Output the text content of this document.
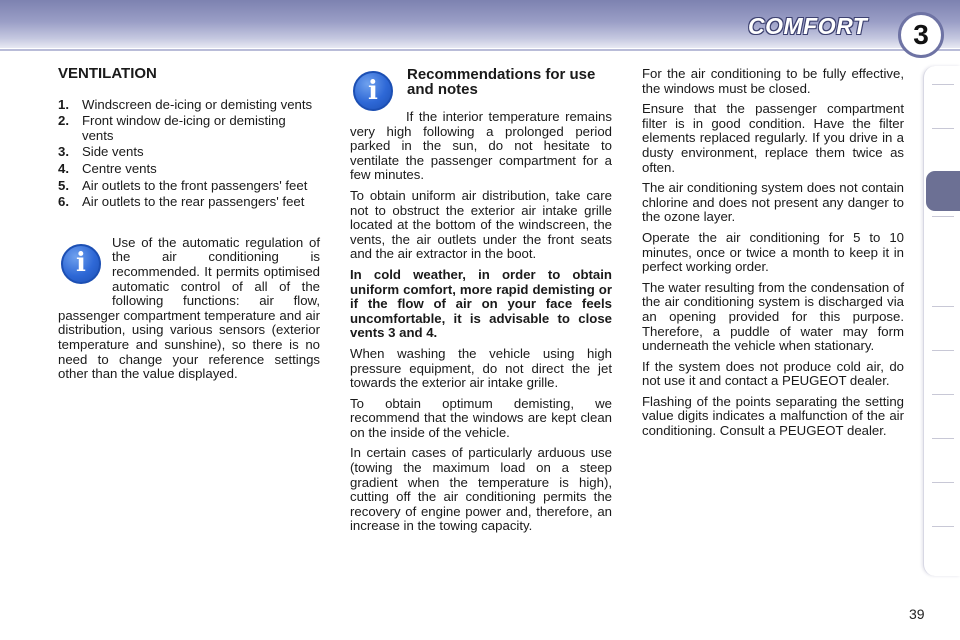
COMFORT	3
VENTILATION
1. Windscreen de-icing or demisting vents
2. Front window de-icing or demisting vents
3. Side vents
4. Centre vents
5. Air outlets to the front passengers' feet
6. Air outlets to the rear passengers' feet
i

Use of the automatic regulation of the air conditioning is recommended. It permits optimised automatic control of all of the following functions: air flow, passenger compartment temperature and air distribution, using various sensors (exterior temperature and sunshine), so there is no need to change your reference settings other than the value displayed.

i
Recommendations for use and notes

If the interior temperature remains very high following a prolonged period parked in the sun, do not hesitate to ventilate the passenger compartment for a few minutes.

To obtain uniform air distribution, take care not to obstruct the exterior air intake grille located at the bottom of the windscreen, the vents, the air outlets under the front seats and the air extractor in the boot.

In cold weather, in order to obtain uniform comfort, more rapid demisting or if the flow of air on your face feels uncomfortable, it is advisable to close vents 3 and 4.

When washing the vehicle using high pressure equipment, do not direct the jet towards the exterior air intake grille.

To obtain optimum demisting, we recommend that the windows are kept clean on the inside of the vehicle.

In certain cases of particularly arduous use (towing the maximum load on a steep gradient when the temperature is high), cutting off the air conditioning permits the recovery of engine power and, therefore, an increase in the towing capacity.

For the air conditioning to be fully effective, the windows must be closed.

Ensure that the passenger compartment filter is in good condition. Have the filter elements replaced regularly. If you drive in a dusty environment, replace them twice as often.

The air conditioning system does not contain chlorine and does not present any danger to the ozone layer.

Operate the air conditioning for 5 to 10 minutes, once or twice a month to keep it in perfect working order.

The water resulting from the condensation of the air conditioning system is discharged via an opening provided for this purpose. Therefore, a puddle of water may form underneath the vehicle when stationary.

If the system does not produce cold air, do not use it and contact a PEUGEOT dealer.

Flashing of the points separating the setting value digits indicates a malfunction of the air conditioning. Consult a PEUGEOT dealer.

39
